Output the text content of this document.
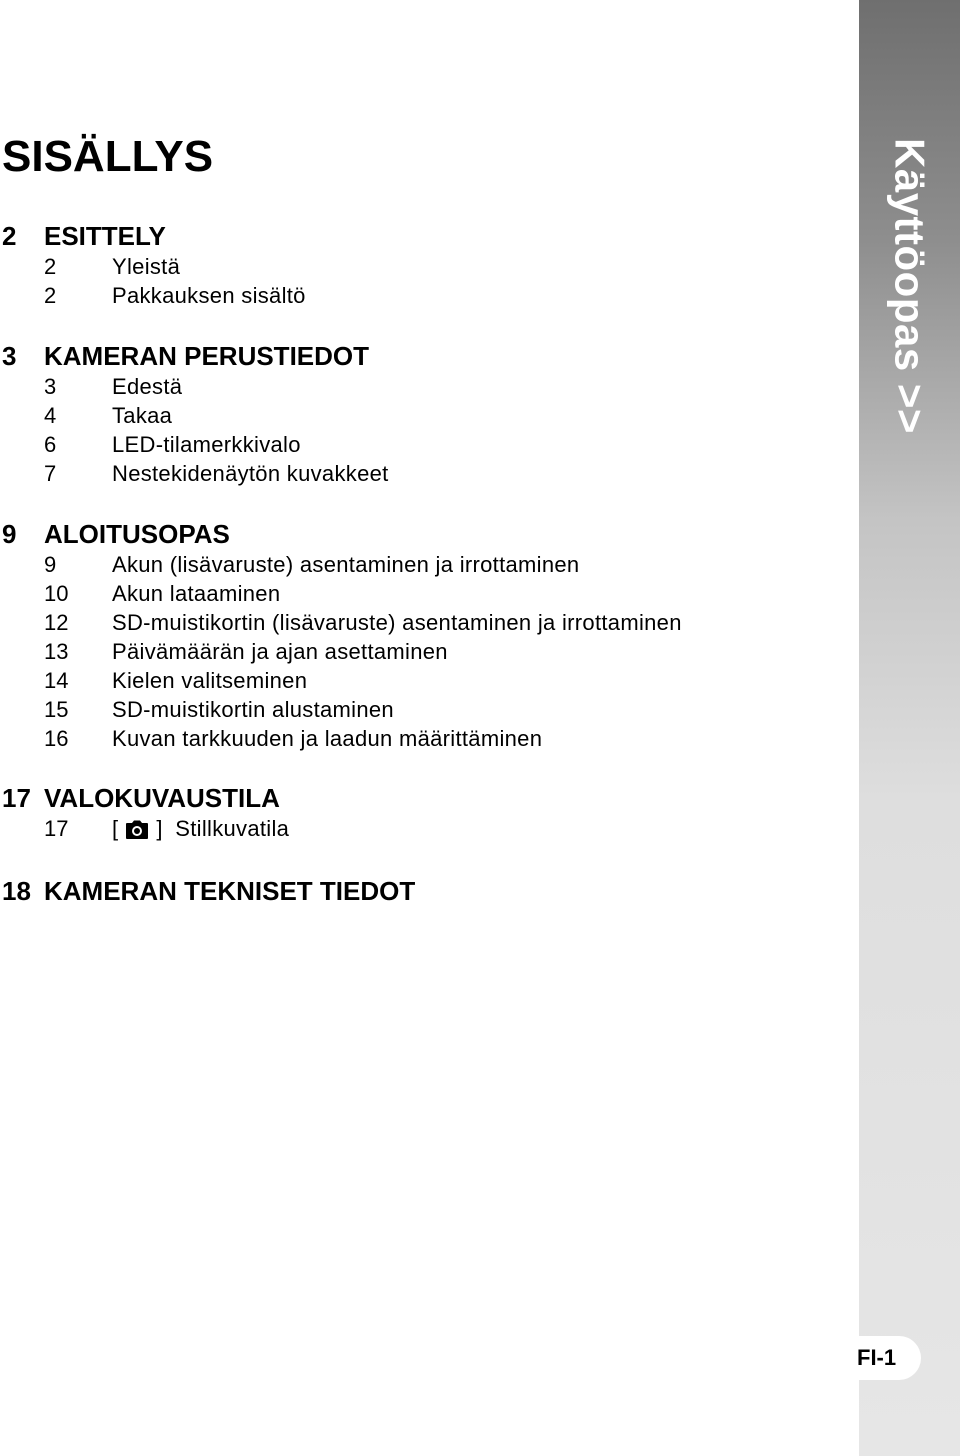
SISÄLLYS
2 ESITTELY
2	Yleistä
2	Pakkauksen sisältö
3 KAMERAN PERUSTIEDOT
3	Edestä
4	Takaa
6	LED-tilamerkkivalo
7	Nestekidenäytön kuvakkeet
9 ALOITUSOPAS
9	Akun (lisävaruste) asentaminen ja irrottaminen
10 Akun lataaminen
12 SD-muistikortin (lisävaruste) asentaminen ja irrottaminen
13 Päivämäärän ja ajan asettaminen
14 Kielen valitseminen
15 SD-muistikortin alustaminen
16 Kuvan tarkkuuden ja laadun määrittäminen
17 VALOKUVAUSTILA
17 [ ] Stillkuvatila
18 KAMERAN TEKNISET TIEDOT
Käyttöopas >>
FI-1
